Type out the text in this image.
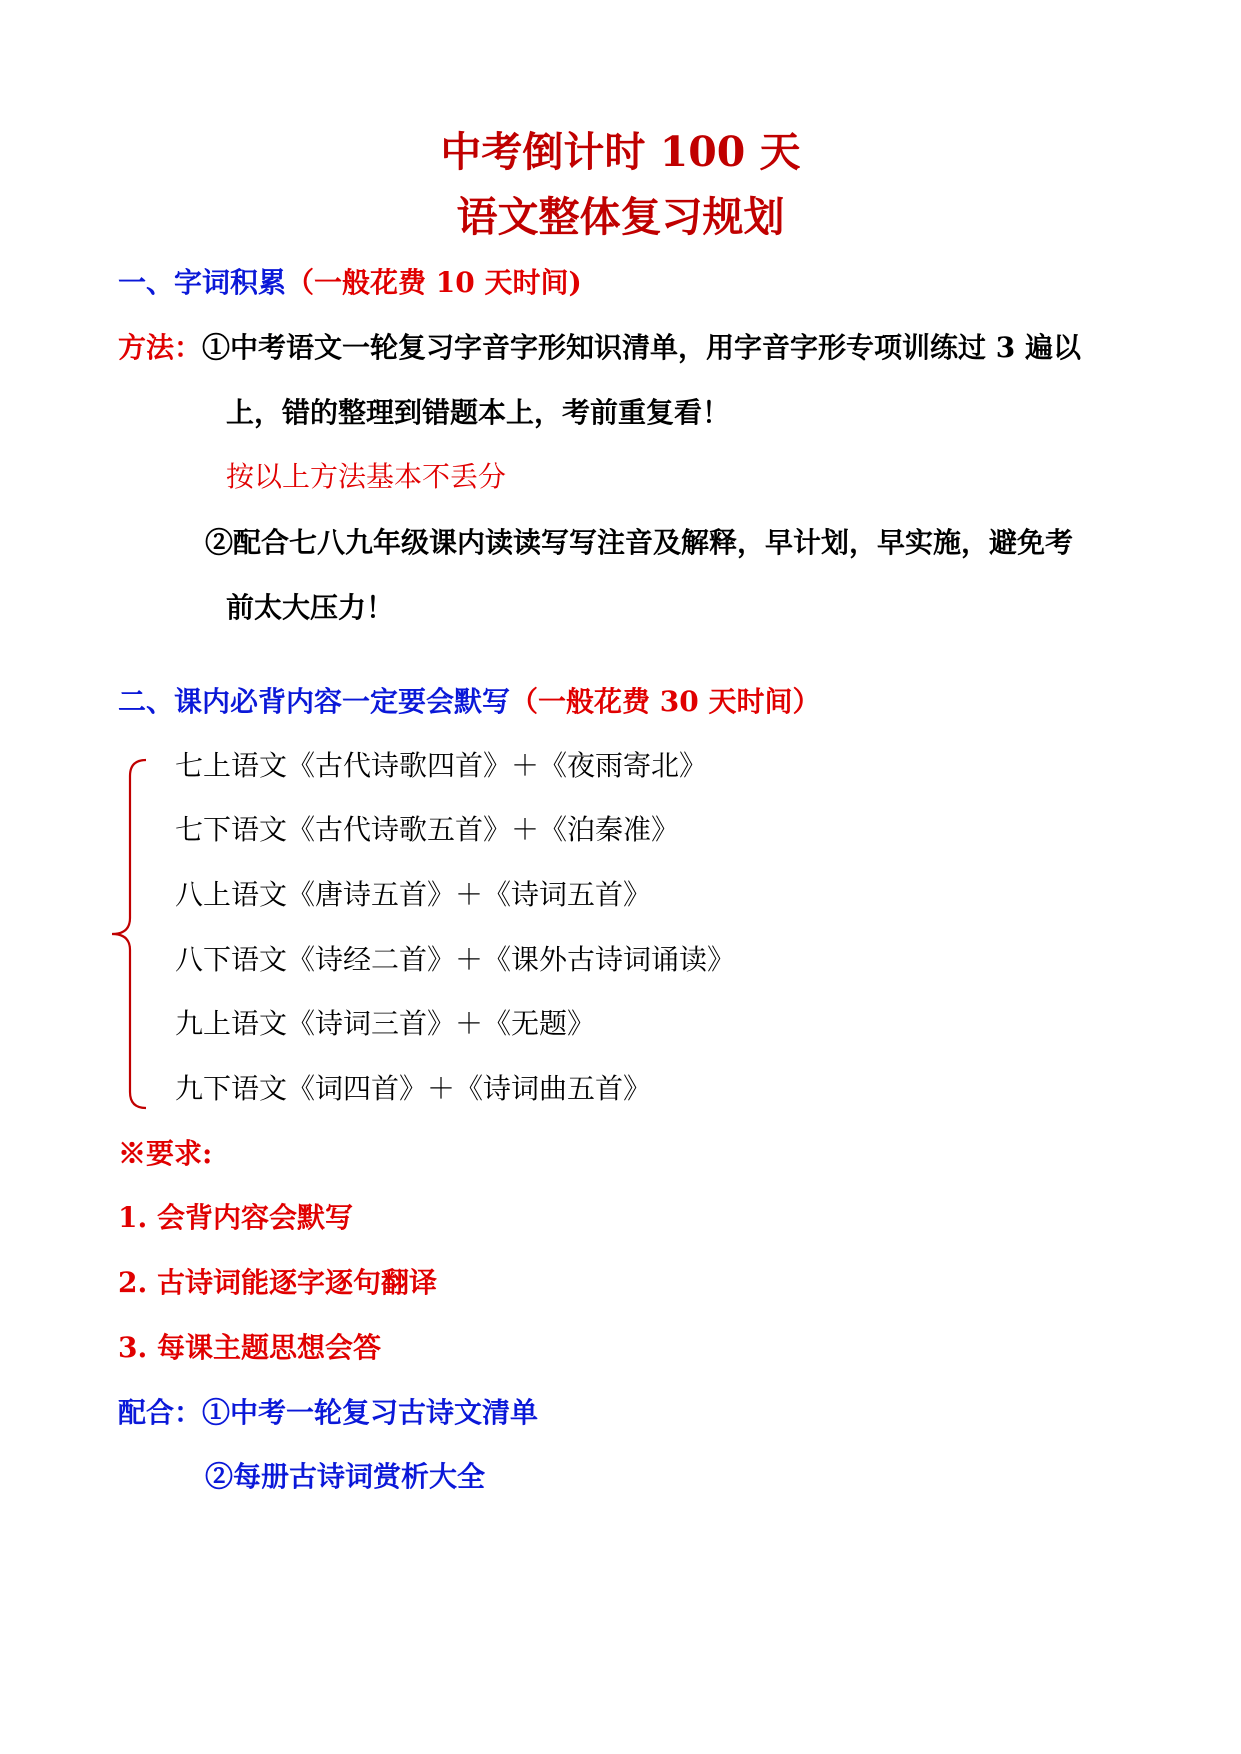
中考倒计时 100 天
语文整体复习规划
一、字词积累（一般花费 10 天时间)
方法：①中考语文一轮复习字音字形知识清单，用字音字形专项训练过 3 遍以
上，错的整理到错题本上，考前重复看！
按以上方法基本不丢分
②配合七八九年级课内读读写写注音及解释，早计划，早实施，避免考
前太大压力！
二、课内必背内容一定要会默写（一般花费 30 天时间）
七上语文《古代诗歌四首》＋《夜雨寄北》
七下语文《古代诗歌五首》＋《泊秦准》
八上语文《唐诗五首》＋《诗词五首》
八下语文《诗经二首》＋《课外古诗词诵读》
九上语文《诗词三首》＋《无题》
九下语文《词四首》＋《诗词曲五首》
※要求:
1. 会背内容会默写
2. 古诗词能逐字逐句翻译
3. 每课主题思想会答
配合：①中考一轮复习古诗文清单
②每册古诗词赏析大全
